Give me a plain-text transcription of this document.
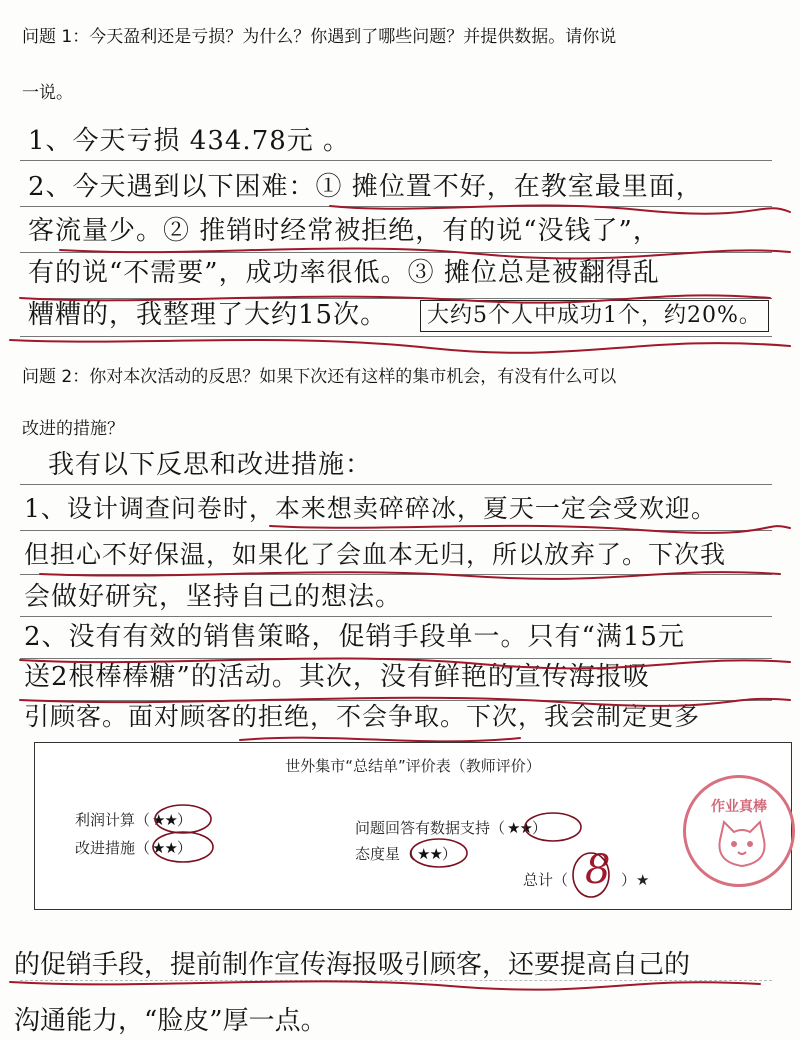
问题 1：今天盈利还是亏损？为什么？你遇到了哪些问题？并提供数据。请你说
一说。
1、今天亏损 434.78元 。
2、今天遇到以下困难：① 摊位置不好，在教室最里面，
客流量少。② 推销时经常被拒绝，有的说“没钱了”，
有的说“不需要”，成功率很低。③ 摊位总是被翻得乱
糟糟的，我整理了大约15次。	大约5个人中成功1个，约20%。
问题 2：你对本次活动的反思？如果下次还有这样的集市机会，有没有什么可以
改进的措施？
我有以下反思和改进措施：
1、设计调查问卷时，本来想卖碎碎冰，夏天一定会受欢迎。
但担心不好保温，如果化了会血本无归，所以放弃了。下次我
会做好研究，坚持自己的想法。
2、没有有效的销售策略，促销手段单一。只有“满15元
送2根棒棒糖”的活动。其次，没有鲜艳的宣传海报吸
引顾客。面对顾客的拒绝，不会争取。下次，我会制定更多
世外集市“总结单”评价表（教师评价）
利润计算（ ★★）
改进措施（ ★★）
问题回答有数据支持（ ★★）
态度星（ ★★）
总计（ 8 ）★
作业真棒
的促销手段，提前制作宣传海报吸引顾客，还要提高自己的
沟通能力，“脸皮”厚一点。
